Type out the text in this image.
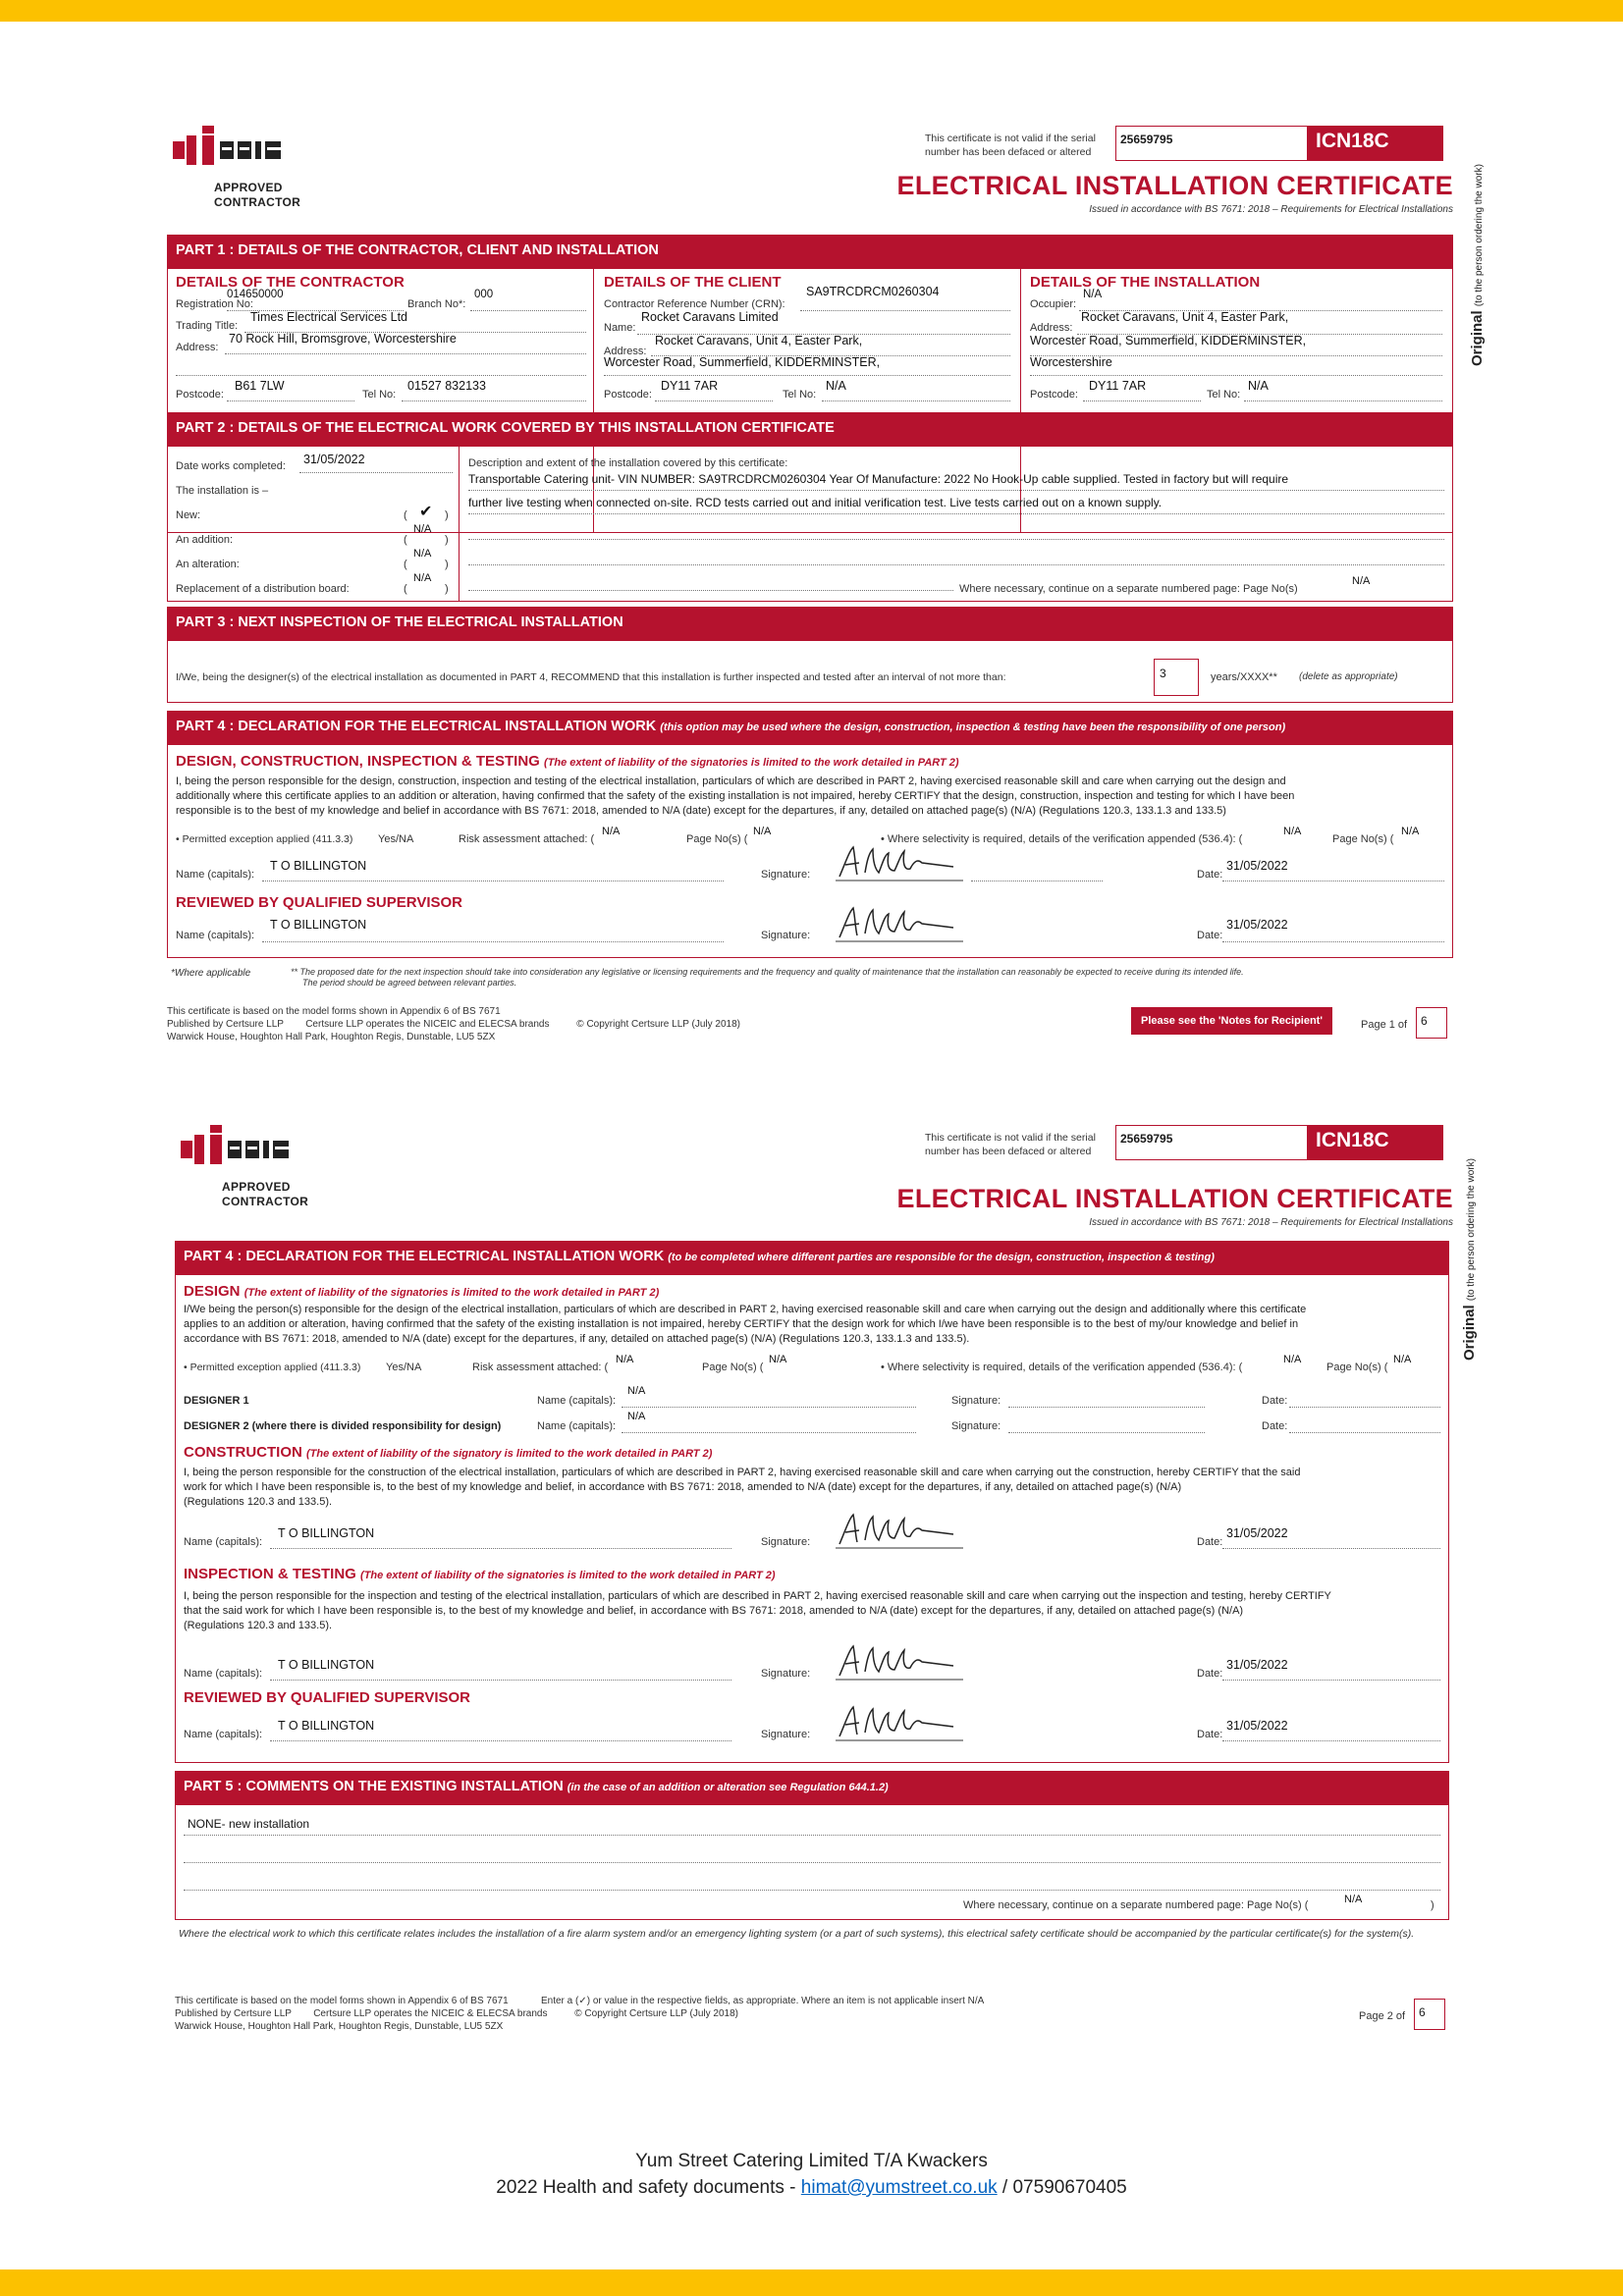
APPROVED CONTRACTOR
This certificate is not valid if the serial number has been defaced or altered
25659795	ICN18C
ELECTRICAL INSTALLATION CERTIFICATE
Issued in accordance with BS 7671: 2018 – Requirements for Electrical Installations
Original (to the person ordering the work)
PART 1 : DETAILS OF THE CONTRACTOR, CLIENT AND INSTALLATION
DETAILS OF THE CONTRACTOR
Registration No:
014650000
Branch No*:
000
Trading Title:
Times Electrical Services Ltd
Address:
70 Rock Hill, Bromsgrove, Worcestershire
Postcode:
B61 7LW
Tel No:
01527 832133
DETAILS OF THE CLIENT
Contractor Reference Number (CRN):
SA9TRCDRCM0260304
Name:
Rocket Caravans Limited
Address:
Rocket Caravans, Unit 4, Easter Park,
Worcester Road, Summerfield, KIDDERMINSTER,
Postcode:
DY11 7AR
Tel No:
N/A
DETAILS OF THE INSTALLATION
Occupier:
N/A
Address:
Rocket Caravans, Unit 4, Easter Park,
Worcester Road, Summerfield, KIDDERMINSTER,
Worcestershire
Postcode:
DY11 7AR
Tel No:
N/A
PART 2 : DETAILS OF THE ELECTRICAL WORK COVERED BY THIS INSTALLATION CERTIFICATE
Date works completed: 31/05/2022
The installation is –
New:	✔
(	)
An addition:
N/A
(	)
An alteration:
N/A
(	)
Replacement of a distribution board:
N/A
(	)
Description and extent of the installation covered by this certificate:
Transportable Catering unit- VIN NUMBER: SA9TRCDRCM0260304 Year Of Manufacture: 2022 No Hook-Up cable supplied. Tested in factory but will require
further live testing when connected on-site. RCD tests carried out and initial verification test. Live tests carried out on a known supply.
Where necessary, continue on a separate numbered page: Page No(s)
N/A
PART 3 : NEXT INSPECTION OF THE ELECTRICAL INSTALLATION
I/We, being the designer(s) of the electrical installation as documented in PART 4, RECOMMEND that this installation is further inspected and tested after an interval of not more than:	3	years/XXXX** (delete as appropriate)
PART 4 : DECLARATION FOR THE ELECTRICAL INSTALLATION WORK (this option may be used where the design, construction, inspection & testing have been the responsibility of one person)
DESIGN, CONSTRUCTION, INSPECTION & TESTING (The extent of liability of the signatories is limited to the work detailed in PART 2)
I, being the person responsible for the design, construction, inspection and testing of the electrical installation, particulars of which are described in PART 2, having exercised reasonable skill and care when carrying out the design and
additionally where this certificate applies to an addition or alteration, having confirmed that the safety of the existing installation is not impaired, hereby CERTIFY that the design, construction, inspection and testing for which I have been
responsible is to the best of my knowledge and belief in accordance with BS 7671: 2018, amended to N/A (date) except for the departures, if any, detailed on attached page(s) (N/A) (Regulations 120.3, 133.1.3 and 133.5)
• Permitted exception applied (411.3.3) Yes/NA	Risk assessment attached: (
N/A
Page No(s) (
N/A
• Where selectivity is required, details of the verification appended (536.4): (
N/A
Page No(s) (
N/A
Name (capitals):
T O BILLINGTON
Signature:	Date:
31/05/2022
REVIEWED BY QUALIFIED SUPERVISOR
Name (capitals):
T O BILLINGTON
Signature:	Date:
31/05/2022
*Where applicable	** The proposed date for the next inspection should take into consideration any legislative or licensing requirements and the frequency and quality of maintenance that the installation can reasonably be expected to receive during its intended life.
The period should be agreed between relevant parties.
This certificate is based on the model forms shown in Appendix 6 of BS 7671
Published by Certsure LLP Certsure LLP operates the NICEIC and ELECSA brands	© Copyright Certsure LLP (July 2018)
Warwick House, Houghton Hall Park, Houghton Regis, Dunstable, LU5 5ZX
Please see the 'Notes for Recipient'	Page 1 of	6
APPROVED CONTRACTOR
This certificate is not valid if the serial number has been defaced or altered
25659795	ICN18C
ELECTRICAL INSTALLATION CERTIFICATE
Issued in accordance with BS 7671: 2018 – Requirements for Electrical Installations
Original (to the person ordering the work)
PART 4 : DECLARATION FOR THE ELECTRICAL INSTALLATION WORK (to be completed where different parties are responsible for the design, construction, inspection & testing)
DESIGN (The extent of liability of the signatories is limited to the work detailed in PART 2)
I/We being the person(s) responsible for the design of the electrical installation, particulars of which are described in PART 2, having exercised reasonable skill and care when carrying out the design and additionally where this certificate
applies to an addition or alteration, having confirmed that the safety of the existing installation is not impaired, hereby CERTIFY that the design work for which I/we have been responsible is to the best of my/our knowledge and belief in
accordance with BS 7671: 2018, amended to N/A (date) except for the departures, if any, detailed on attached page(s) (N/A) (Regulations 120.3, 133.1.3 and 133.5).
• Permitted exception applied (411.3.3) Yes/NA	Risk assessment attached: (
N/A
Page No(s) (
N/A
• Where selectivity is required, details of the verification appended (536.4): (
N/A
Page No(s) (
N/A
DESIGNER 1	Name (capitals):
N/A
Signature:	Date:
DESIGNER 2 (where there is divided responsibility for design)	Name (capitals):
N/A
Signature:	Date:
CONSTRUCTION (The extent of liability of the signatory is limited to the work detailed in PART 2)
I, being the person responsible for the construction of the electrical installation, particulars of which are described in PART 2, having exercised reasonable skill and care when carrying out the construction, hereby CERTIFY that the said
work for which I have been responsible is, to the best of my knowledge and belief, in accordance with BS 7671: 2018, amended to N/A (date) except for the departures, if any, detailed on attached page(s) (N/A)
(Regulations 120.3 and 133.5).
Name (capitals):
T O BILLINGTON
Signature:	Date:
31/05/2022
INSPECTION & TESTING (The extent of liability of the signatories is limited to the work detailed in PART 2)
I, being the person responsible for the inspection and testing of the electrical installation, particulars of which are described in PART 2, having exercised reasonable skill and care when carrying out the inspection and testing, hereby CERTIFY
that the said work for which I have been responsible is, to the best of my knowledge and belief, in accordance with BS 7671: 2018, amended to N/A (date) except for the departures, if any, detailed on attached page(s) (N/A)
(Regulations 120.3 and 133.5).
Name (capitals):
T O BILLINGTON
Signature:	Date:
31/05/2022
REVIEWED BY QUALIFIED SUPERVISOR
Name (capitals):
T O BILLINGTON
Signature:	Date:
31/05/2022
PART 5 : COMMENTS ON THE EXISTING INSTALLATION (in the case of an addition or alteration see Regulation 644.1.2)
NONE- new installation
Where necessary, continue on a separate numbered page: Page No(s) (	N/A	)
Where the electrical work to which this certificate relates includes the installation of a fire alarm system and/or an emergency lighting system (or a part of such systems), this electrical safety certificate should be accompanied by the particular certificate(s) for the system(s).
This certificate is based on the model forms shown in Appendix 6 of BS 7671	Enter a (✓) or value in the respective fields, as appropriate. Where an item is not applicable insert N/A
Published by Certsure LLP Certsure LLP operates the NICEIC & ELECSA brands	© Copyright Certsure LLP (July 2018)
Warwick House, Houghton Hall Park, Houghton Regis, Dunstable, LU5 5ZX
Page 2 of	6
Yum Street Catering Limited T/A Kwackers
2022 Health and safety documents - himat@yumstreet.co.uk / 07590670405
